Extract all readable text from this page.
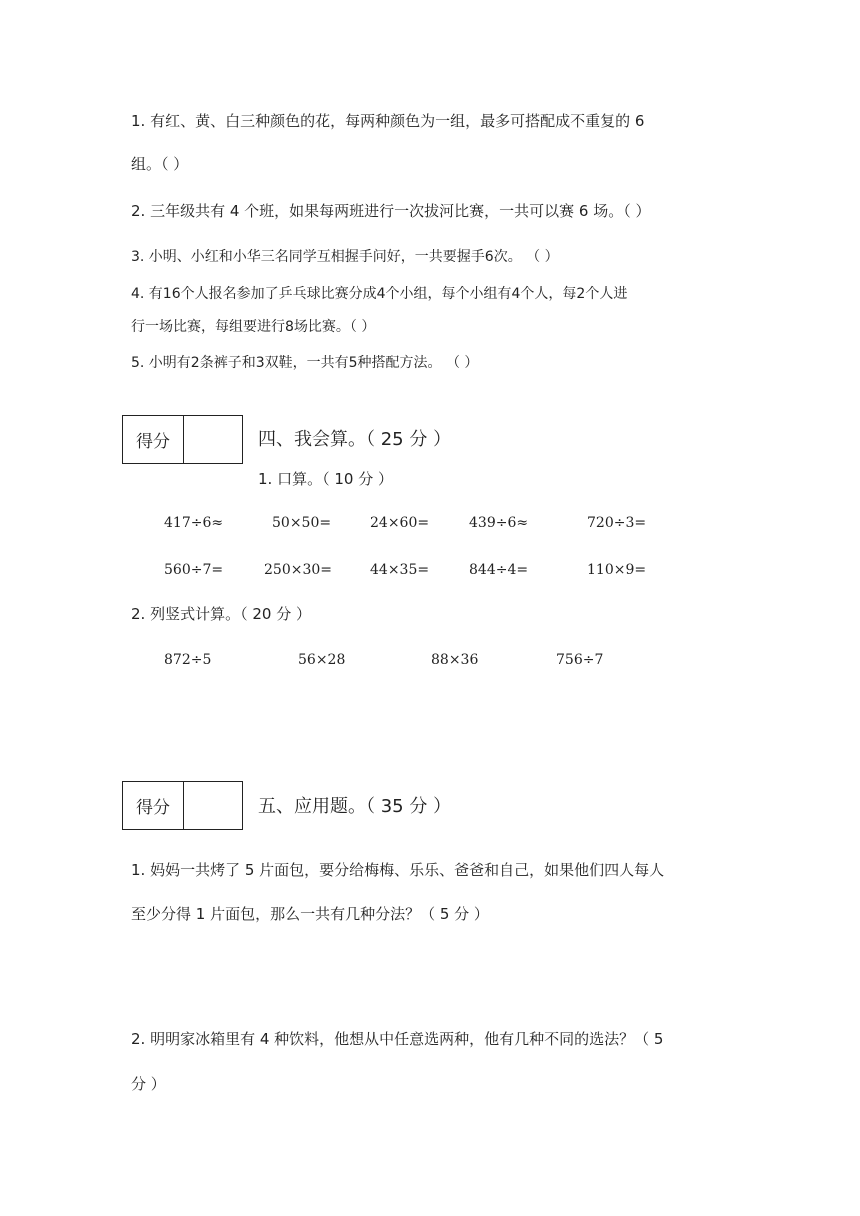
1. 有红、黄、白三种颜色的花，每两种颜色为一组，最多可搭配成不重复的 6
组。（ ）
2. 三年级共有 4 个班，如果每两班进行一次拔河比赛，一共可以赛 6 场。（ ）
3. 小明、小红和小华三名同学互相握手问好，一共要握手6次。 （ ）
4. 有16个人报名参加了乒乓球比赛分成4个小组，每个小组有4个人，每2个人进
行一场比赛，每组要进行8场比赛。（ ）
5. 小明有2条裤子和3双鞋，一共有5种搭配方法。 （ ）
得分	四、我会算。（ 25 分 ）
1. 口算。（ 10 分 ）
417÷6≈	50×50=	24×60=	439÷6≈	720÷3=
560÷7=	250×30=	44×35=	844÷4=	110×9=
2. 列竖式计算。（ 20 分 ）
872÷5	56×28	88×36	756÷7
得分	五、应用题。（ 35 分 ）
1. 妈妈一共烤了 5 片面包，要分给梅梅、乐乐、爸爸和自己，如果他们四人每人
至少分得 1 片面包，那么一共有几种分法？（ 5 分 ）
2. 明明家冰箱里有 4 种饮料，他想从中任意选两种，他有几种不同的选法？（ 5
分 ）
